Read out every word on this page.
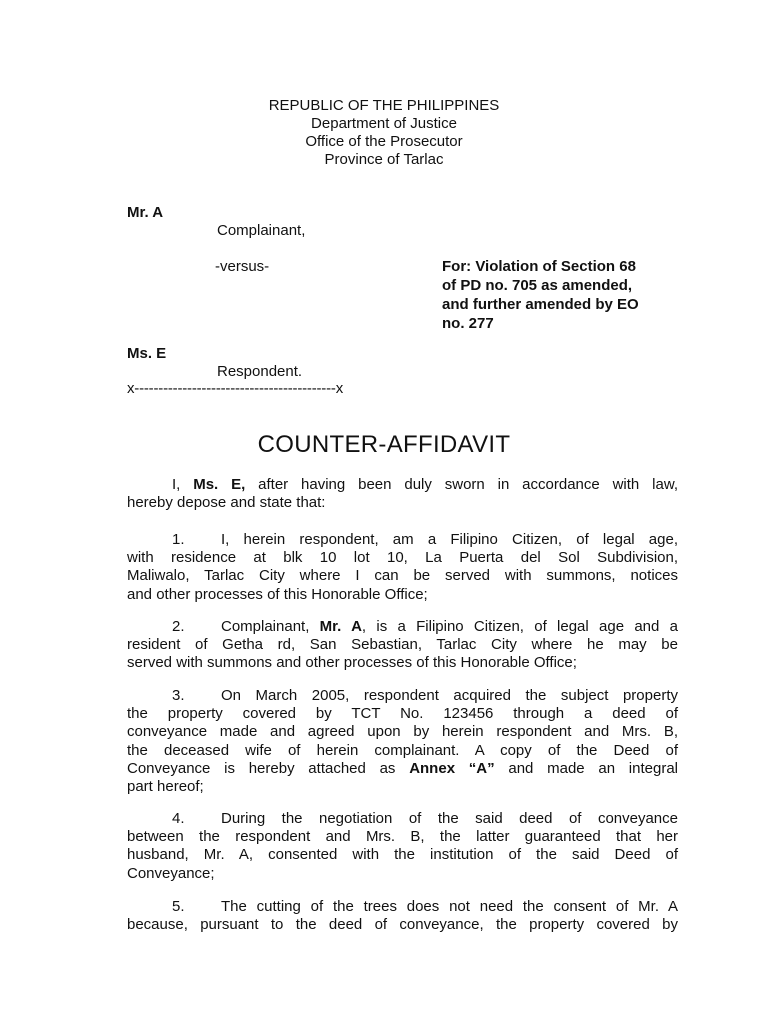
REPUBLIC OF THE PHILIPPINES
Department of Justice
Office of the Prosecutor
Province of Tarlac
Mr. A
Complainant,
-versus-	For: Violation of Section 68
of PD no. 705 as amended,
and further amended by EO
no. 277
Ms. E
Respondent.
x------------------------------------------x
COUNTER-AFFIDAVIT
I, Ms. E, after having been duly sworn in accordance with law,
hereby depose and state that:
1. I, herein respondent, am a Filipino Citizen, of legal age,
with residence at blk 10 lot 10, La Puerta del Sol Subdivision,
Maliwalo, Tarlac City where I can be served with summons, notices
and other processes of this Honorable Office;
2. Complainant, Mr. A, is a Filipino Citizen, of legal age and a
resident of Getha rd, San Sebastian, Tarlac City where he may be
served with summons and other processes of this Honorable Office;
3. On March 2005, respondent acquired the subject property
the property covered by TCT No. 123456 through a deed of
conveyance made and agreed upon by herein respondent and Mrs. B,
the deceased wife of herein complainant. A copy of the Deed of
Conveyance is hereby attached as Annex “A” and made an integral
part hereof;
4. During the negotiation of the said deed of conveyance
between the respondent and Mrs. B, the latter guaranteed that her
husband, Mr. A, consented with the institution of the said Deed of
Conveyance;
5. The cutting of the trees does not need the consent of Mr. A
because, pursuant to the deed of conveyance, the property covered by
